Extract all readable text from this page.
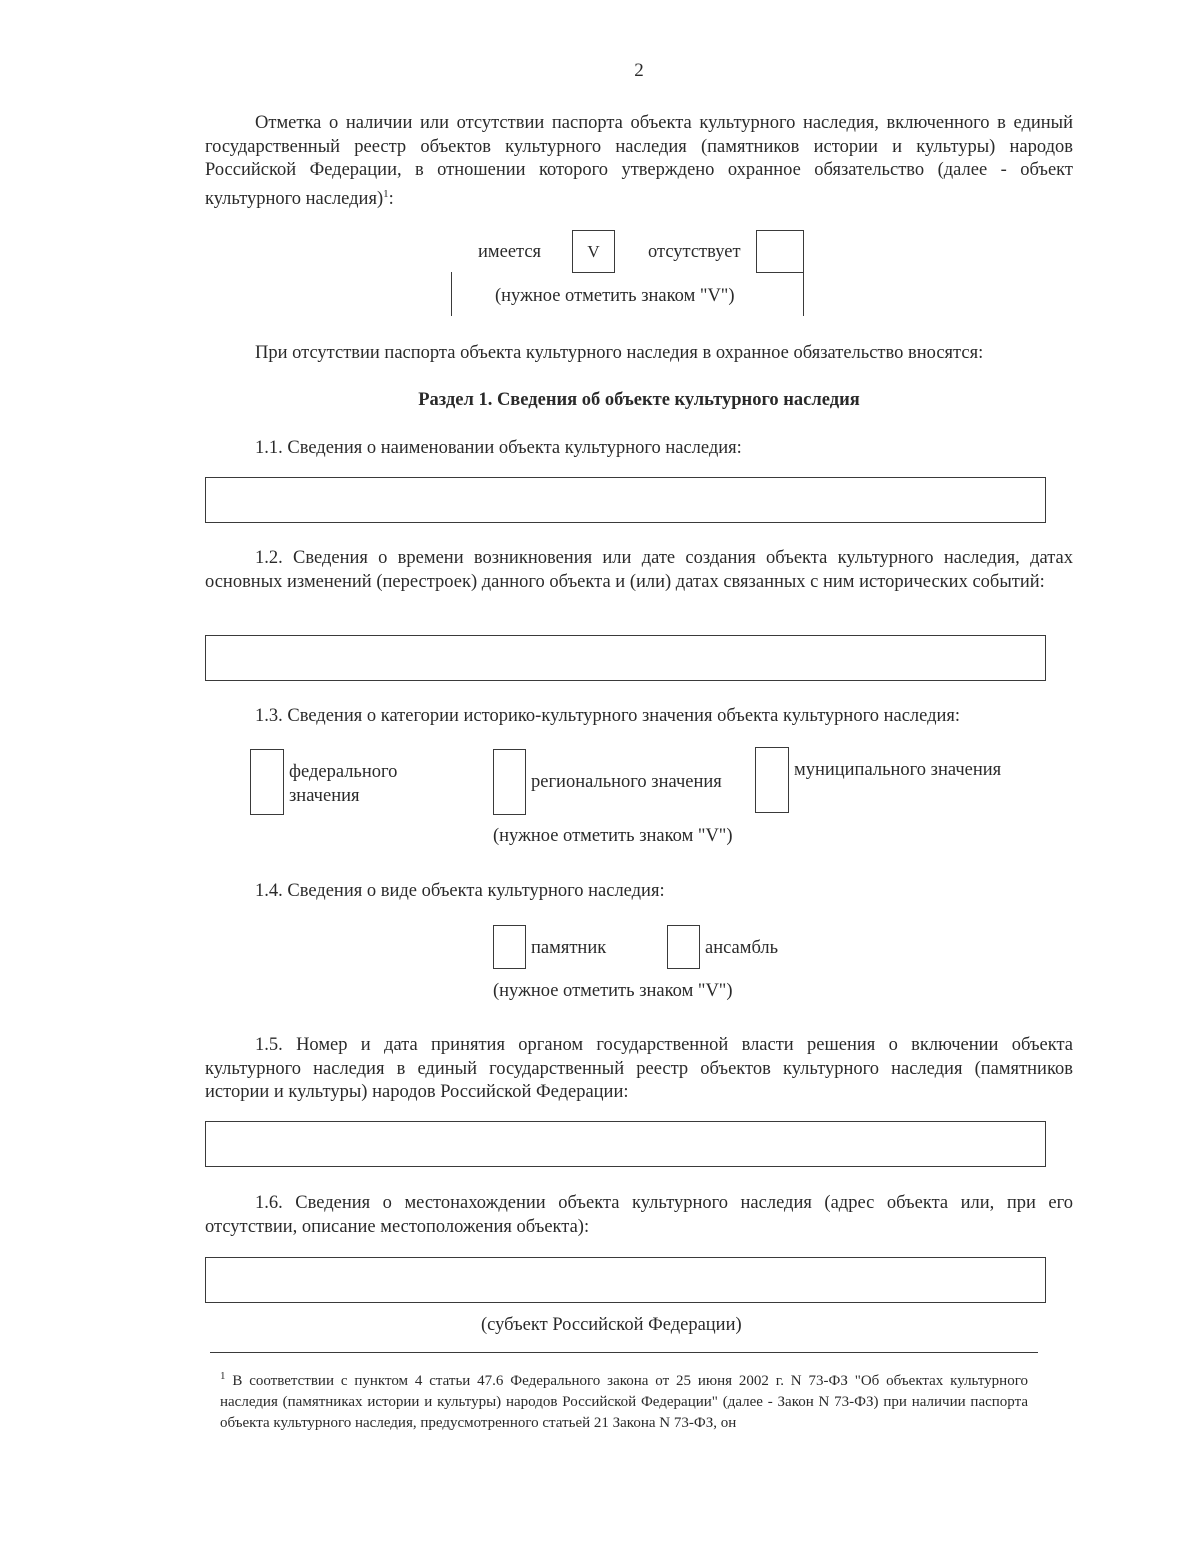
2
Отметка о наличии или отсутствии паспорта объекта культурного наследия, включенного в единый государственный реестр объектов культурного наследия (памятников истории и культуры) народов Российской Федерации, в отношении которого утверждено охранное обязательство (далее - объект культурного наследия)$^1$:
имеется	V	отсутствует
(нужное отметить знаком "V")
При отсутствии паспорта объекта культурного наследия в охранное обязательство вносятся:
Раздел 1. Сведения об объекте культурного наследия
1.1. Сведения о наименовании объекта культурного наследия:
1.2. Сведения о времени возникновения или дате создания объекта культурного наследия, датах основных изменений (перестроек) данного объекта и (или) датах связанных с ним исторических событий:
1.3. Сведения о категории историко-культурного значения объекта культурного наследия:
федерального
значения
регионального значения
муниципального значения
(нужное отметить знаком "V")
1.4. Сведения о виде объекта культурного наследия:
памятник	ансамбль
(нужное отметить знаком "V")
1.5. Номер и дата принятия органом государственной власти решения о включении объекта культурного наследия в единый государственный реестр объектов культурного наследия (памятников истории и культуры) народов Российской Федерации:
1.6. Сведения о местонахождении объекта культурного наследия (адрес объекта или, при его отсутствии, описание местоположения объекта):
(субъект Российской Федерации)
$^1$ В соответствии с пунктом 4 статьи 47.6 Федерального закона от 25 июня 2002 г. N 73-ФЗ "Об объектах культурного наследия (памятниках истории и культуры) народов Российской Федерации" (далее - Закон N 73-ФЗ) при наличии паспорта объекта культурного наследия, предусмотренного статьей 21 Закона N 73-ФЗ, он
